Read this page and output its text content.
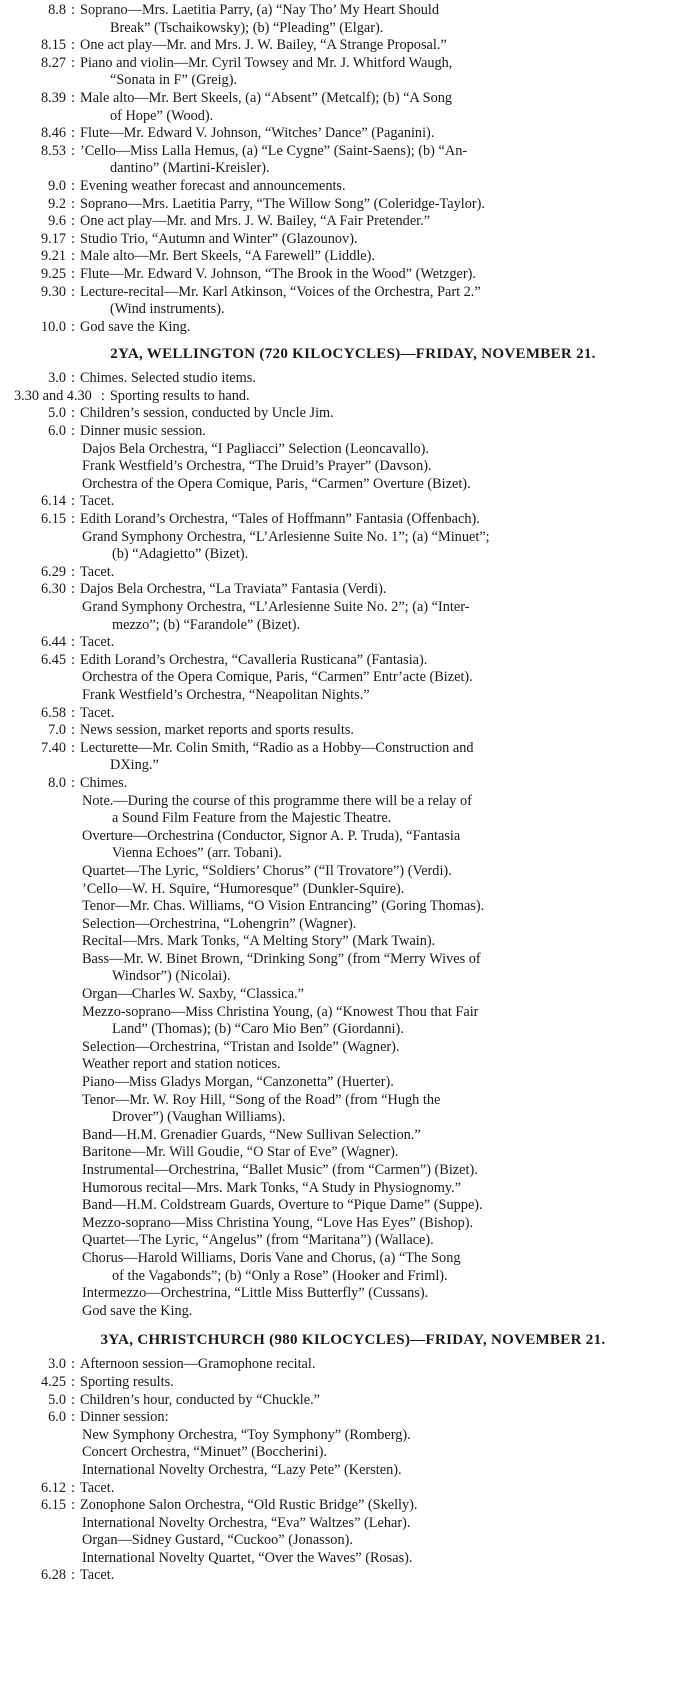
8.8 : Soprano—Mrs. Laetitia Parry, (a) “Nay Tho’ My Heart Should
Break” (Tschaikowsky); (b) “Pleading” (Elgar).
8.15 : One act play—Mr. and Mrs. J. W. Bailey, “A Strange Proposal.”
8.27 : Piano and violin—Mr. Cyril Towsey and Mr. J. Whitford Waugh,
“Sonata in F” (Greig).
8.39 : Male alto—Mr. Bert Skeels, (a) “Absent” (Metcalf); (b) “A Song
of Hope” (Wood).
8.46 : Flute—Mr. Edward V. Johnson, “Witches’ Dance” (Paganini).
8.53 : ’Cello—Miss Lalla Hemus, (a) “Le Cygne” (Saint-Saens); (b) “An-
dantino” (Martini-Kreisler).
9.0 : Evening weather forecast and announcements.
9.2 : Soprano—Mrs. Laetitia Parry, “The Willow Song” (Coleridge-Taylor).
9.6 : One act play—Mr. and Mrs. J. W. Bailey, “A Fair Pretender.”
9.17 : Studio Trio, “Autumn and Winter” (Glazounov).
9.21 : Male alto—Mr. Bert Skeels, “A Farewell” (Liddle).
9.25 : Flute—Mr. Edward V. Johnson, “The Brook in the Wood” (Wetzger).
9.30 : Lecture-recital—Mr. Karl Atkinson, “Voices of the Orchestra, Part 2.”
(Wind instruments).
10.0 : God save the King.
2YA, WELLINGTON (720 KILOCYCLES)—FRIDAY, NOVEMBER 21.
3.0 : Chimes. Selected studio items.
3.30 and 4.30 : Sporting results to hand.
5.0 : Children’s session, conducted by Uncle Jim.
6.0 : Dinner music session.
Dajos Bela Orchestra, “I Pagliacci” Selection (Leoncavallo).
Frank Westfield’s Orchestra, “The Druid’s Prayer” (Davson).
Orchestra of the Opera Comique, Paris, “Carmen” Overture (Bizet).
6.14 : Tacet.
6.15 : Edith Lorand’s Orchestra, “Tales of Hoffmann” Fantasia (Offenbach).
Grand Symphony Orchestra, “L’Arlesienne Suite No. 1”; (a) “Minuet”;
(b) “Adagietto” (Bizet).
6.29 : Tacet.
6.30 : Dajos Bela Orchestra, “La Traviata” Fantasia (Verdi).
Grand Symphony Orchestra, “L’Arlesienne Suite No. 2”; (a) “Inter-
mezzo”; (b) “Farandole” (Bizet).
6.44 : Tacet.
6.45 : Edith Lorand’s Orchestra, “Cavalleria Rusticana” (Fantasia).
Orchestra of the Opera Comique, Paris, “Carmen” Entr’acte (Bizet).
Frank Westfield’s Orchestra, “Neapolitan Nights.”
6.58 : Tacet.
7.0 : News session, market reports and sports results.
7.40 : Lecturette—Mr. Colin Smith, “Radio as a Hobby—Construction and
DXing.”
8.0 : Chimes.
Note.—During the course of this programme there will be a relay of
a Sound Film Feature from the Majestic Theatre.
Overture—Orchestrina (Conductor, Signor A. P. Truda), “Fantasia
Vienna Echoes” (arr. Tobani).
Quartet—The Lyric, “Soldiers’ Chorus” (“Il Trovatore”) (Verdi).
’Cello—W. H. Squire, “Humoresque” (Dunkler-Squire).
Tenor—Mr. Chas. Williams, “O Vision Entrancing” (Goring Thomas).
Selection—Orchestrina, “Lohengrin” (Wagner).
Recital—Mrs. Mark Tonks, “A Melting Story” (Mark Twain).
Bass—Mr. W. Binet Brown, “Drinking Song” (from “Merry Wives of
Windsor”) (Nicolai).
Organ—Charles W. Saxby, “Classica.”
Mezzo-soprano—Miss Christina Young, (a) “Knowest Thou that Fair
Land” (Thomas); (b) “Caro Mio Ben” (Giordanni).
Selection—Orchestrina, “Tristan and Isolde” (Wagner).
Weather report and station notices.
Piano—Miss Gladys Morgan, “Canzonetta” (Huerter).
Tenor—Mr. W. Roy Hill, “Song of the Road” (from “Hugh the
Drover”) (Vaughan Williams).
Band—H.M. Grenadier Guards, “New Sullivan Selection.”
Baritone—Mr. Will Goudie, “O Star of Eve” (Wagner).
Instrumental—Orchestrina, “Ballet Music” (from “Carmen”) (Bizet).
Humorous recital—Mrs. Mark Tonks, “A Study in Physiognomy.”
Band—H.M. Coldstream Guards, Overture to “Pique Dame” (Suppe).
Mezzo-soprano—Miss Christina Young, “Love Has Eyes” (Bishop).
Quartet—The Lyric, “Angelus” (from “Maritana”) (Wallace).
Chorus—Harold Williams, Doris Vane and Chorus, (a) “The Song
of the Vagabonds”; (b) “Only a Rose” (Hooker and Friml).
Intermezzo—Orchestrina, “Little Miss Butterfly” (Cussans).
God save the King.
3YA, CHRISTCHURCH (980 KILOCYCLES)—FRIDAY, NOVEMBER 21.
3.0 : Afternoon session—Gramophone recital.
4.25 : Sporting results.
5.0 : Children’s hour, conducted by “Chuckle.”
6.0 : Dinner session:
New Symphony Orchestra, “Toy Symphony” (Romberg).
Concert Orchestra, “Minuet” (Boccherini).
International Novelty Orchestra, “Lazy Pete” (Kersten).
6.12 : Tacet.
6.15 : Zonophone Salon Orchestra, “Old Rustic Bridge” (Skelly).
International Novelty Orchestra, “Eva” Waltzes” (Lehar).
Organ—Sidney Gustard, “Cuckoo” (Jonasson).
International Novelty Quartet, “Over the Waves” (Rosas).
6.28 : Tacet.
